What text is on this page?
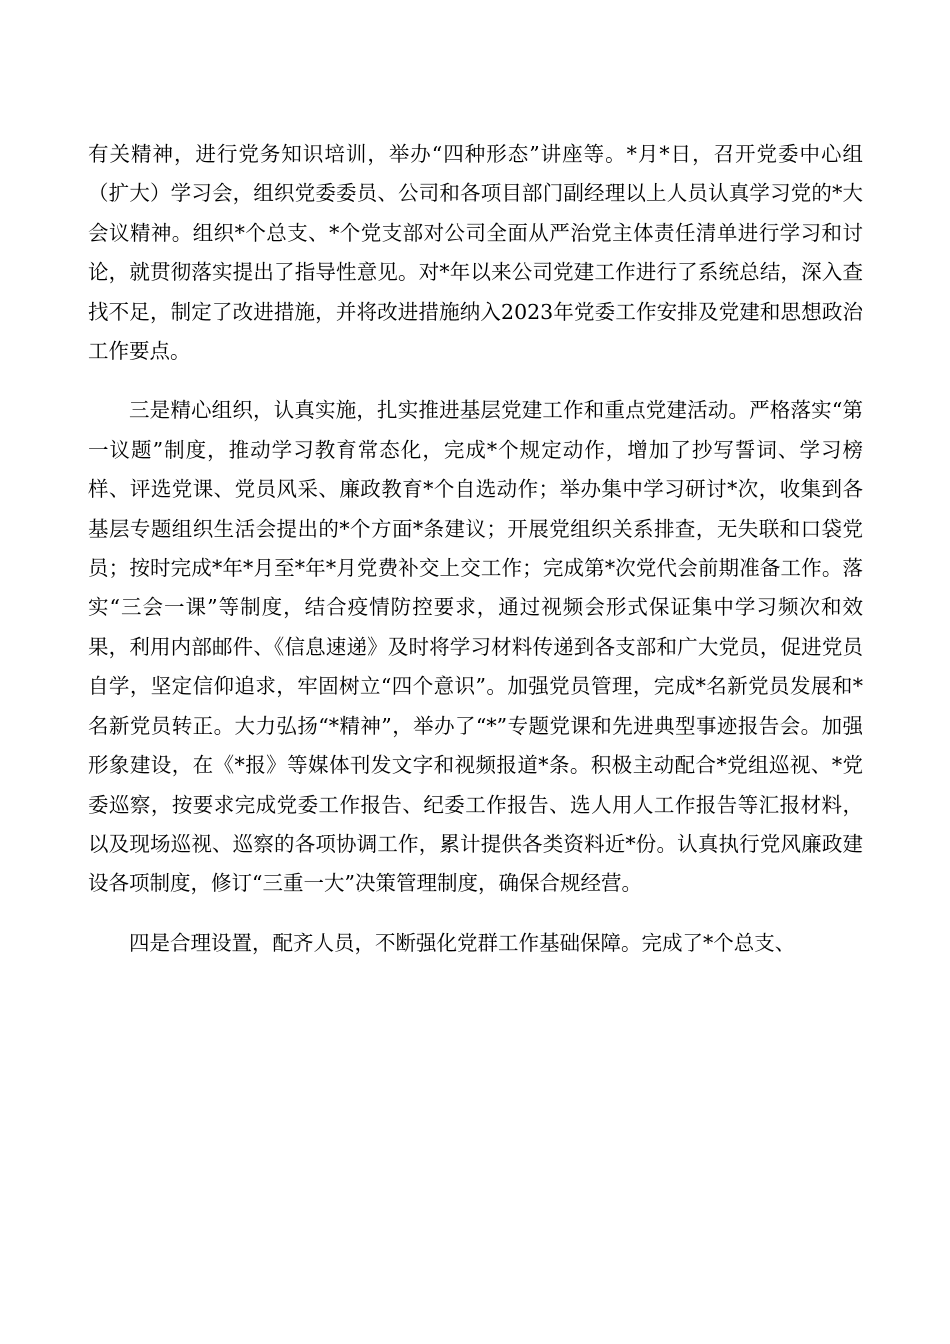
有关精神，进行党务知识培训，举办“四种形态”讲座等。*月*日，召开党委中心组（扩大）学习会，组织党委委员、公司和各项目部门副经理以上人员认真学习党的*大会议精神。组织*个总支、*个党支部对公司全面从严治党主体责任清单进行学习和讨论，就贯彻落实提出了指导性意见。对*年以来公司党建工作进行了系统总结，深入查找不足，制定了改进措施，并将改进措施纳入2023年党委工作安排及党建和思想政治工作要点。

三是精心组织，认真实施，扎实推进基层党建工作和重点党建活动。严格落实“第一议题”制度，推动学习教育常态化，完成*个规定动作，增加了抄写誓词、学习榜样、评选党课、党员风采、廉政教育*个自选动作；举办集中学习研讨*次，收集到各基层专题组织生活会提出的*个方面*条建议；开展党组织关系排查，无失联和口袋党员；按时完成*年*月至*年*月党费补交上交工作；完成第*次党代会前期准备工作。落实“三会一课”等制度，结合疫情防控要求，通过视频会形式保证集中学习频次和效果，利用内部邮件、《信息速递》及时将学习材料传递到各支部和广大党员，促进党员自学，坚定信仰追求，牢固树立“四个意识”。加强党员管理，完成*名新党员发展和*名新党员转正。大力弘扬“*精神”，举办了“*”专题党课和先进典型事迹报告会。加强形象建设，在《*报》等媒体刊发文字和视频报道*条。积极主动配合*党组巡视、*党委巡察，按要求完成党委工作报告、纪委工作报告、选人用人工作报告等汇报材料，以及现场巡视、巡察的各项协调工作，累计提供各类资料近*份。认真执行党风廉政建设各项制度，修订“三重一大”决策管理制度，确保合规经营。

四是合理设置，配齐人员，不断强化党群工作基础保障。完成了*个总支、
